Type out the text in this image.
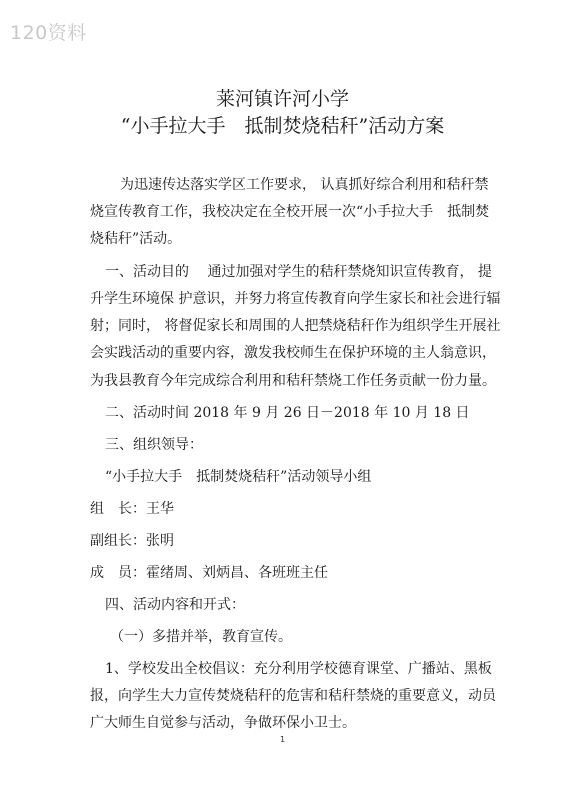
120资料
莱河镇许河小学
“小手拉大手　抵制焚烧秸秆”活动方案
为迅速传达落实学区工作要求， 认真抓好综合利用和秸秆禁
烧宣传教育工作，我校决定在全校开展一次“小手拉大手　抵制焚
烧秸秆”活动。
一、活动目的　 通过加强对学生的秸秆禁烧知识宣传教育， 提
升学生环境保 护意识，并努力将宣传教育向学生家长和社会进行辐
射；同时， 将督促家长和周围的人把禁烧秸秆作为组织学生开展社
会实践活动的重要内容，激发我校师生在保护环境的主人翁意识，
为我县教育今年完成综合利用和秸秆禁烧工作任务贡献一份力量。
二、活动时间 2018 年 9 月 26 日－2018 年 10 月 18 日
三、组织领导：
“小手拉大手　抵制焚烧秸秆”活动领导小组
组　长：王华
副组长：张明
成　员：霍绪周、刘炳昌、各班班主任
四、活动内容和开式：
（一）多措并举，教育宣传。
1、学校发出全校倡议：充分利用学校德育课堂、广播站、黑板
报，向学生大力宣传焚烧秸秆的危害和秸秆禁烧的重要意义，动员
广大师生自觉参与活动，争做环保小卫士。
1
